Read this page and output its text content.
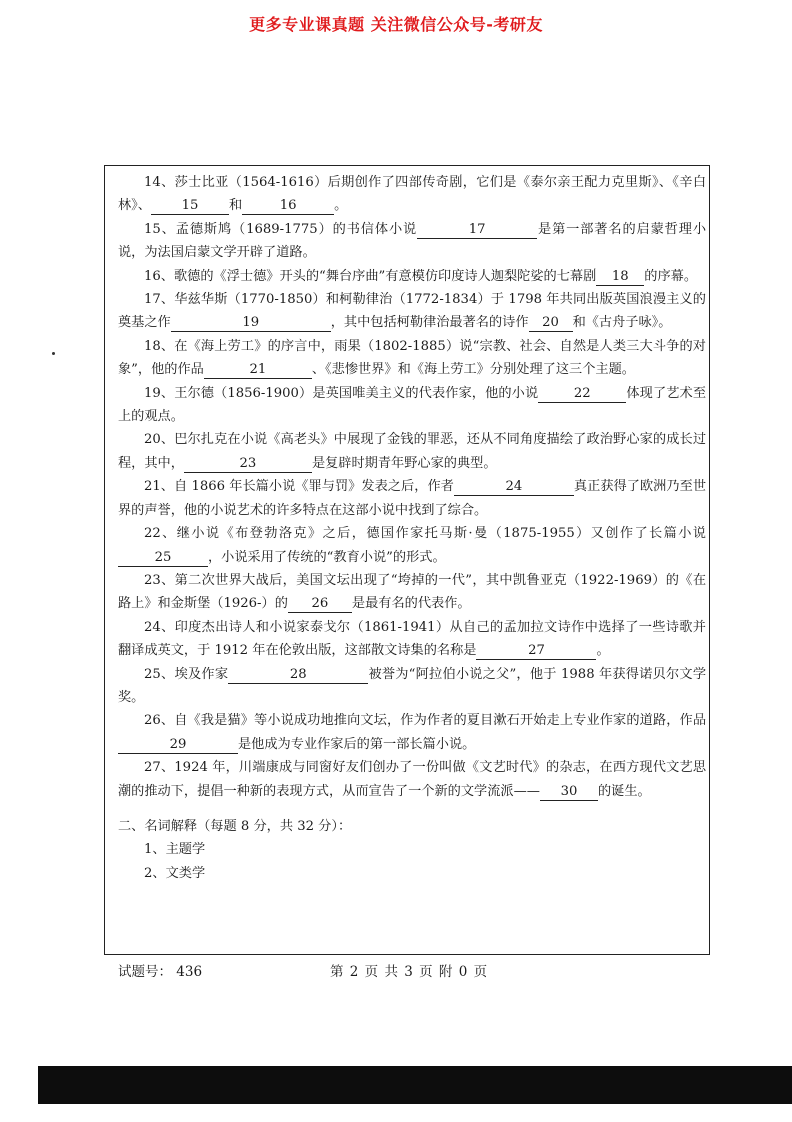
更多专业课真题 关注微信公众号-考研友

14、莎士比亚（1564-1616）后期创作了四部传奇剧，它们是《泰尔亲王配力克里斯》、《辛白林》、 15 和	16	。

15、孟德斯鸠（1689-1775）的书信体小说	17	是第一部著名的启蒙哲理小说，为法国启蒙文学开辟了道路。

16、歌德的《浮士德》开头的“舞台序曲”有意模仿印度诗人迦梨陀娑的七幕剧 18 的序幕。

17、华兹华斯（1770-1850）和柯勒律治（1772-1834）于 1798 年共同出版英国浪漫主义的奠基之作	19	，其中包括柯勒律治最著名的诗作 20 和《古舟子咏》。

18、在《海上劳工》的序言中，雨果（1802-1885）说“宗教、社会、自然是人类三大斗争的对象”，他的作品	21	、《悲惨世界》和《海上劳工》分别处理了这三个主题。

19、王尔德（1856-1900）是英国唯美主义的代表作家，他的小说	22	体现了艺术至上的观点。

20、巴尔扎克在小说《高老头》中展现了金钱的罪恶，还从不同角度描绘了政治野心家的成长过程，其中，	23	是复辟时期青年野心家的典型。

21、自 1866 年长篇小说《罪与罚》发表之后，作者	24	真正获得了欧洲乃至世界的声誉，他的小说艺术的许多特点在这部小说中找到了综合。

22、继小说《布登勃洛克》之后，德国作家托马斯·曼（1875-1955）又创作了长篇小说25	，小说采用了传统的“教育小说”的形式。

23、第二次世界大战后，美国文坛出现了“垮掉的一代”，其中凯鲁亚克（1922-1969）的《在路上》和金斯堡（1926-）的 26 是最有名的代表作。

24、印度杰出诗人和小说家泰戈尔（1861-1941）从自己的孟加拉文诗作中选择了一些诗歌并翻译成英文，于 1912 年在伦敦出版，这部散文诗集的名称是	27	。

25、埃及作家	28	被誉为“阿拉伯小说之父”，他于 1988 年获得诺贝尔文学奖。

26、自《我是猫》等小说成功地推向文坛，作为作者的夏目漱石开始走上专业作家的道路，作品29	是他成为专业作家后的第一部长篇小说。

27、1924 年，川端康成与同窗好友们创办了一份叫做《文艺时代》的杂志，在西方现代文艺思潮的推动下，提倡一种新的表现方式，从而宣告了一个新的文学流派—— 30 的诞生。

二、名词解释（每题 8 分，共 32 分）：

1、主题学

2、文类学

试题号： 436	第 2 页 共 3 页 附 0 页
